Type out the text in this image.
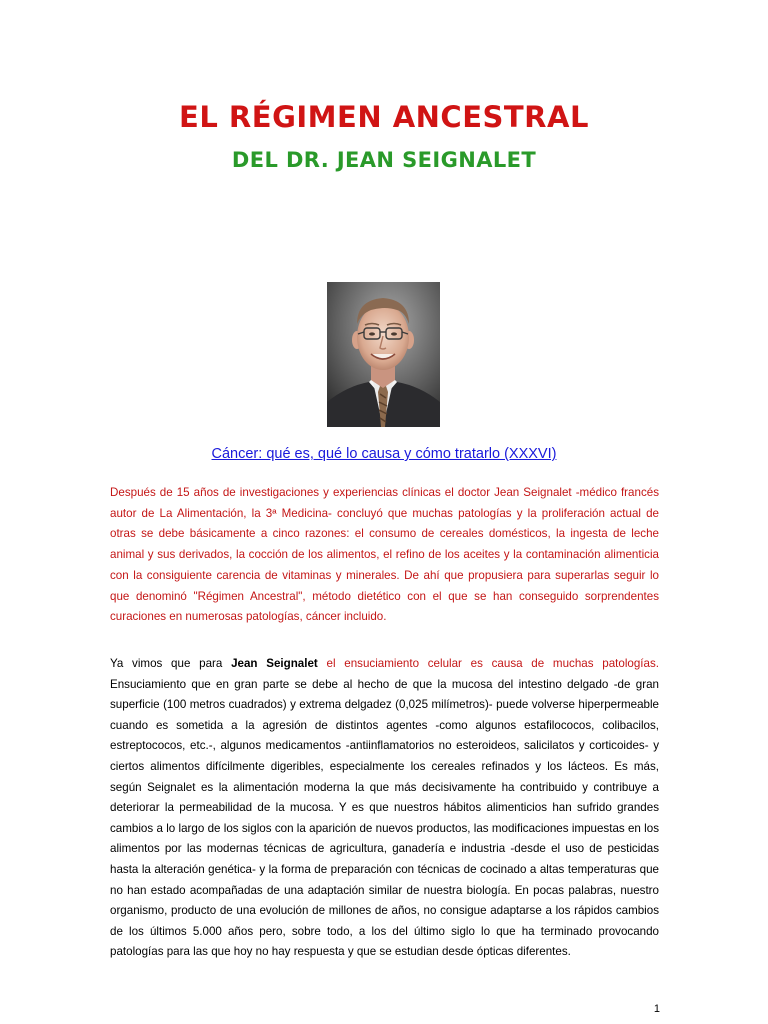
EL RÉGIMEN ANCESTRAL
DEL DR. JEAN SEIGNALET
Cáncer: qué es, qué lo causa y cómo tratarlo (XXXVI)

Después de 15 años de investigaciones y experiencias clínicas el doctor Jean Seignalet -médico francés autor de La Alimentación, la 3ª Medicina- concluyó que muchas patologías y la proliferación actual de otras se debe básicamente a cinco razones: el consumo de cereales domésticos, la ingesta de leche animal y sus derivados, la cocción de los alimentos, el refino de los aceites y la contaminación alimenticia con la consiguiente carencia de vitaminas y minerales. De ahí que propusiera para superarlas seguir lo que denominó "Régimen Ancestral", método dietético con el que se han conseguido sorprendentes curaciones en numerosas patologías, cáncer incluido.

Ya vimos que para Jean Seignalet el ensuciamiento celular es causa de muchas patologías. Ensuciamiento que en gran parte se debe al hecho de que la mucosa del intestino delgado -de gran superficie (100 metros cuadrados) y extrema delgadez (0,025 milímetros)- puede volverse hiperpermeable cuando es sometida a la agresión de distintos agentes -como algunos estafilococos, colibacilos, estreptococos, etc.-, algunos medicamentos -antiinflamatorios no esteroideos, salicilatos y corticoides- y ciertos alimentos difícilmente digeribles, especialmente los cereales refinados y los lácteos. Es más, según Seignalet es la alimentación moderna la que más decisivamente ha contribuido y contribuye a deteriorar la permeabilidad de la mucosa. Y es que nuestros hábitos alimenticios han sufrido grandes cambios a lo largo de los siglos con la aparición de nuevos productos, las modificaciones impuestas en los alimentos por las modernas técnicas de agricultura, ganadería e industria -desde el uso de pesticidas hasta la alteración genética- y la forma de preparación con técnicas de cocinado a altas temperaturas que no han estado acompañadas de una adaptación similar de nuestra biología. En pocas palabras, nuestro organismo, producto de una evolución de millones de años, no consigue adaptarse a los rápidos cambios de los últimos 5.000 años pero, sobre todo, a los del último siglo lo que ha terminado provocando patologías para las que hoy no hay respuesta y que se estudian desde ópticas diferentes.

1
